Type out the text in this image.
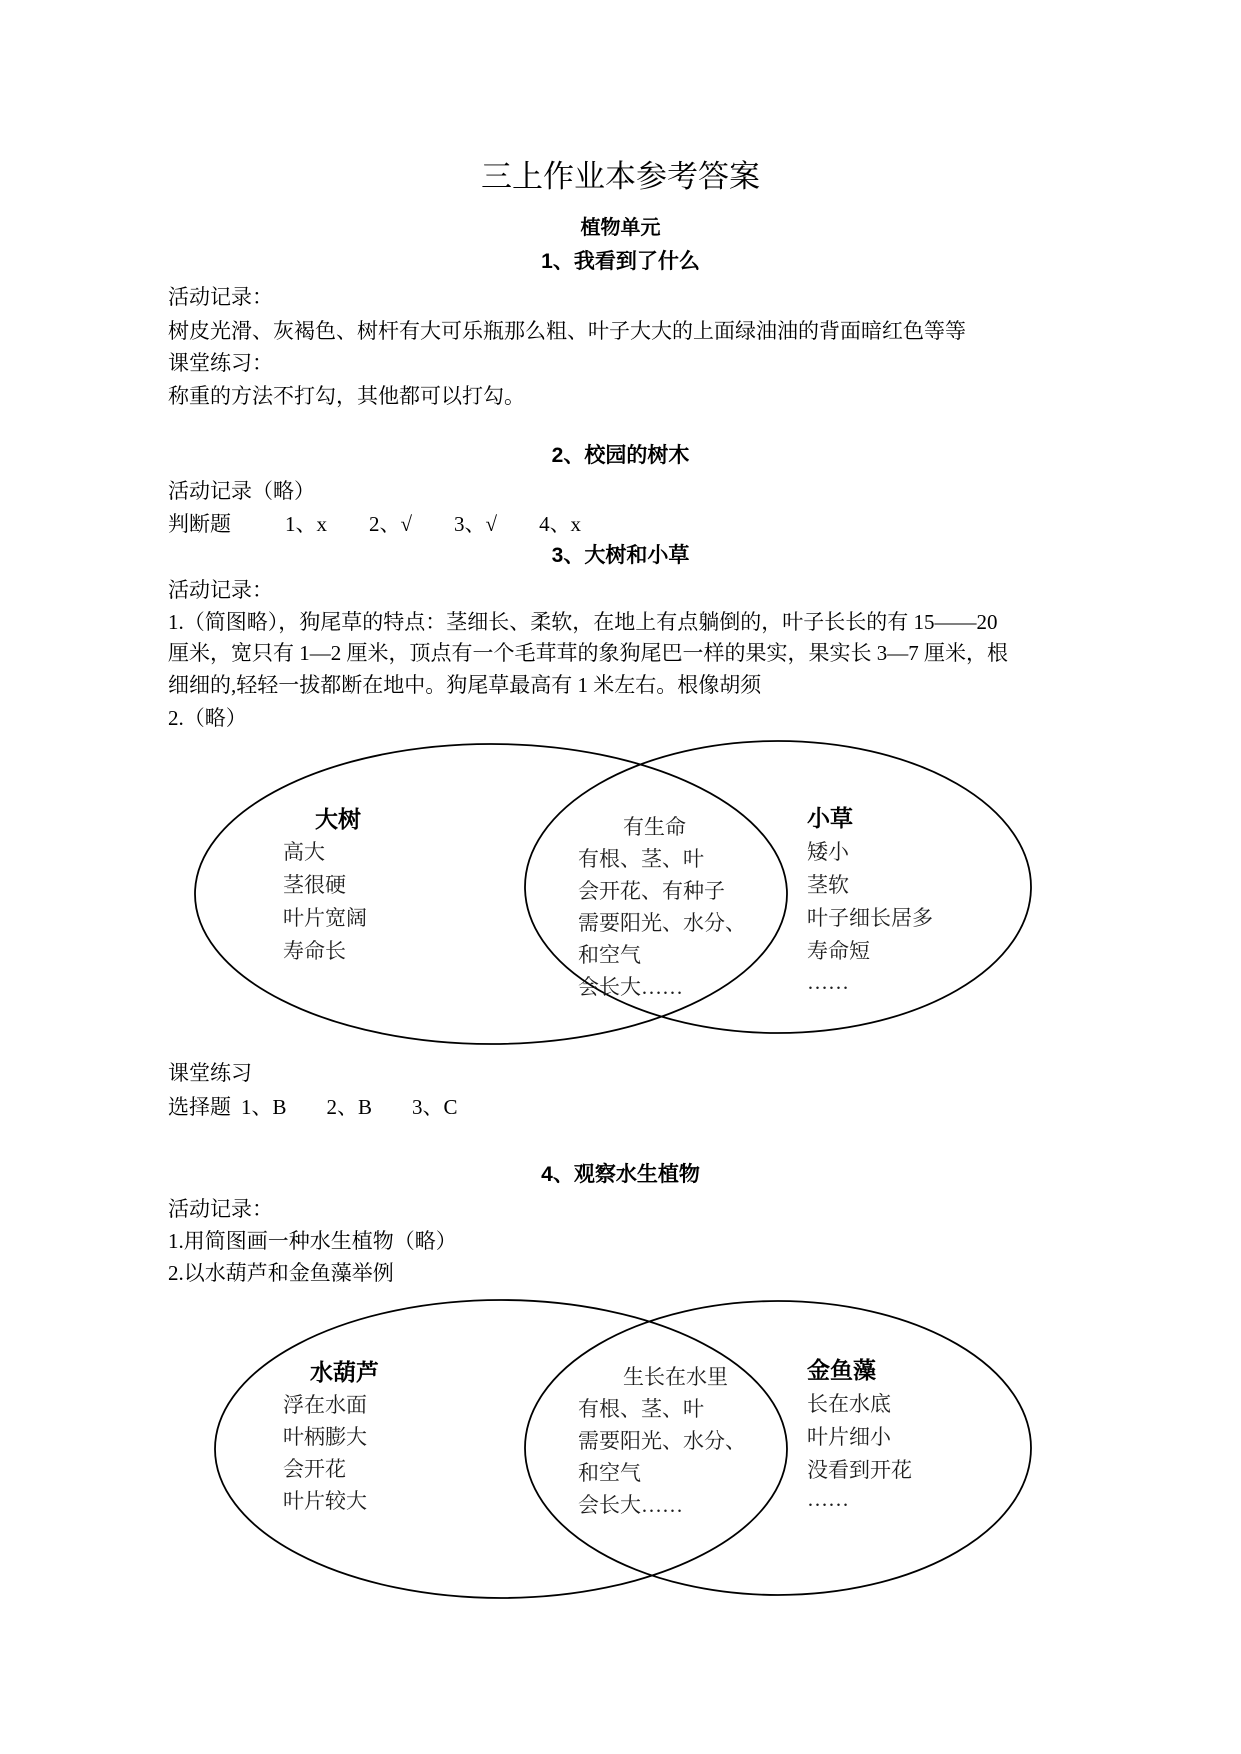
三上作业本参考答案
植物单元
1、我看到了什么
活动记录：
树皮光滑、灰褐色、树杆有大可乐瓶那么粗、叶子大大的上面绿油油的背面暗红色等等
课堂练习：
称重的方法不打勾，其他都可以打勾。
2、校园的树木
活动记录（略）
判断题	1、x 2、√ 3、√ 4、x
3、大树和小草
活动记录：
1.（简图略），狗尾草的特点：茎细长、柔软，在地上有点躺倒的，叶子长长的有 15——20
厘米，宽只有 1—2 厘米，顶点有一个毛茸茸的象狗尾巴一样的果实，果实长 3—7 厘米，根
细细的,轻轻一拔都断在地中。狗尾草最高有 1 米左右。根像胡须
2.（略）
大树
高大
茎很硬
叶片宽阔
寿命长
有生命
有根、茎、叶
会开花、有种子
需要阳光、水分、
和空气
会长大……
小草
矮小
茎软
叶子细长居多
寿命短
……
课堂练习
选择题 1、B 2、B 3、C
4、观察水生植物
活动记录：
1.用简图画一种水生植物（略）
2.以水葫芦和金鱼藻举例
水葫芦
浮在水面
叶柄膨大
会开花
叶片较大
生长在水里
有根、茎、叶
需要阳光、水分、
和空气
会长大……
金鱼藻
长在水底
叶片细小
没看到开花
……
